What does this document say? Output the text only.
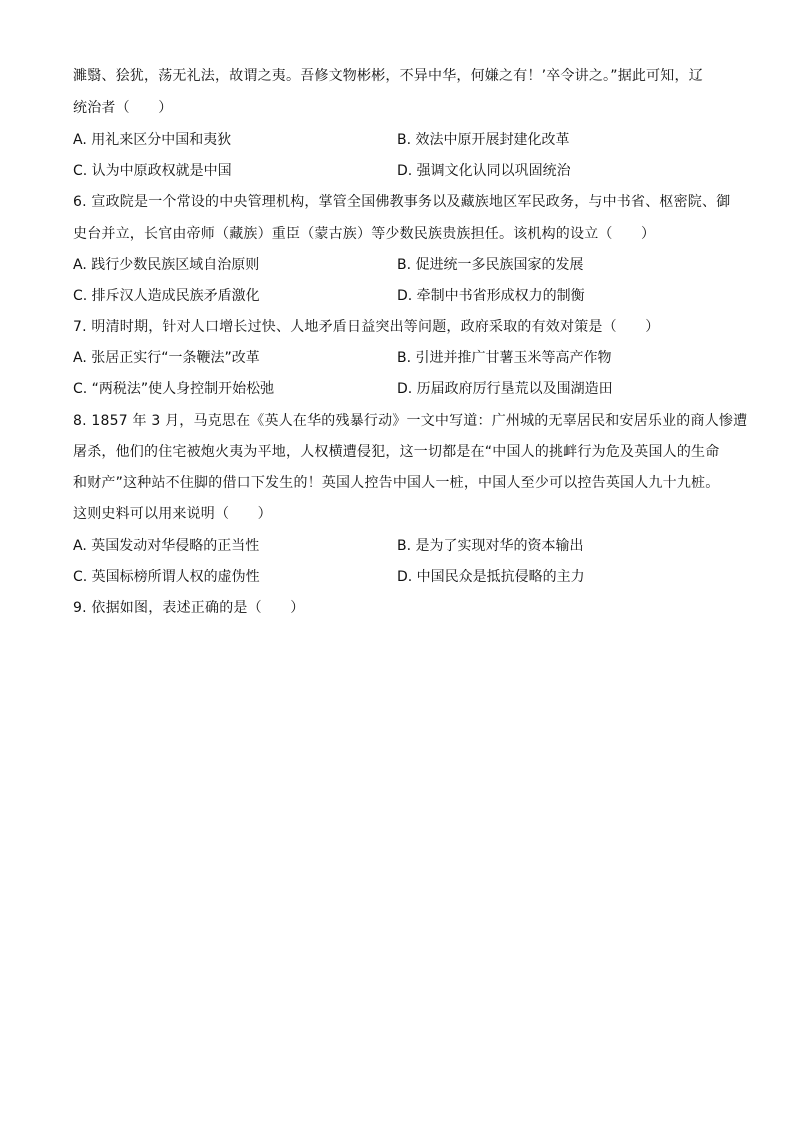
濉翳、狯犹，荡无礼法，故谓之夷。吾修文物彬彬，不异中华，何嫌之有！’卒令讲之。”据此可知，辽
统治者（　　）
A. 用礼来区分中国和夷狄	B. 效法中原开展封建化改革
C. 认为中原政权就是中国	D. 强调文化认同以巩固统治
6. 宣政院是一个常设的中央管理机构，掌管全国佛教事务以及藏族地区军民政务，与中书省、枢密院、御
史台并立，长官由帝师（藏族）重臣（蒙古族）等少数民族贵族担任。该机构的设立（　　）
A. 践行少数民族区域自治原则	B. 促进统一多民族国家的发展
C. 排斥汉人造成民族矛盾激化	D. 牵制中书省形成权力的制衡
7. 明清时期，针对人口增长过快、人地矛盾日益突出等问题，政府采取的有效对策是（　　）
A. 张居正实行“一条鞭法”改革	B. 引进并推广甘薯玉米等高产作物
C. “两税法”使人身控制开始松弛	D. 历届政府厉行垦荒以及围湖造田
8. 1857 年 3 月，马克思在《英人在华的残暴行动》一文中写道：广州城的无辜居民和安居乐业的商人惨遭
屠杀，他们的住宅被炮火夷为平地，人权横遭侵犯，这一切都是在“中国人的挑衅行为危及英国人的生命
和财产”这种站不住脚的借口下发生的！英国人控告中国人一桩，中国人至少可以控告英国人九十九桩。
这则史料可以用来说明（　　）
A. 英国发动对华侵略的正当性	B. 是为了实现对华的资本输出
C. 英国标榜所谓人权的虚伪性	D. 中国民众是抵抗侵略的主力
9. 依据如图，表述正确的是（　　）
